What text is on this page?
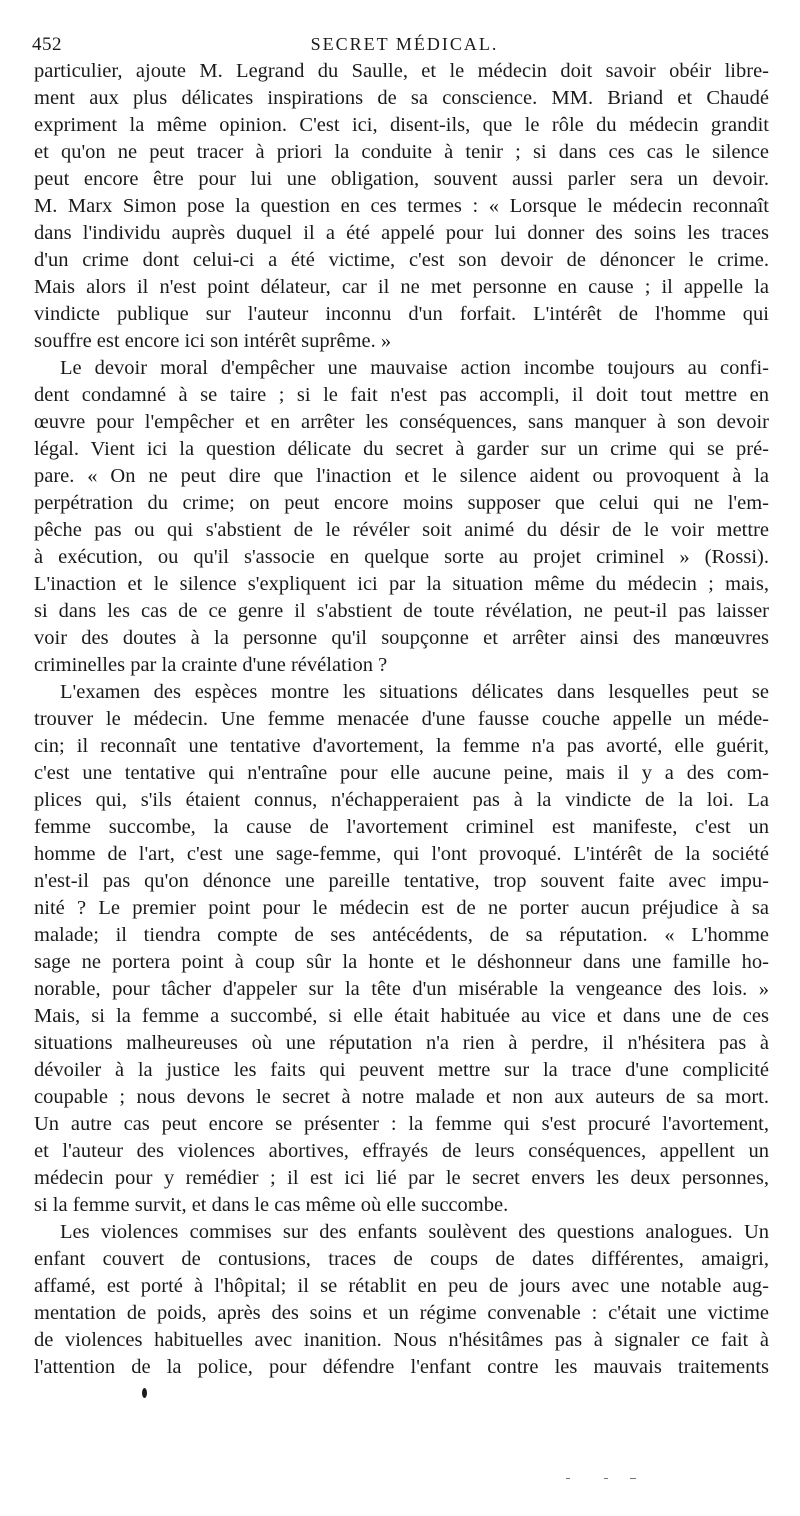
452	SECRET MÉDICAL.
particulier, ajoute M. Legrand du Saulle, et le médecin doit savoir obéir libre-
ment aux plus délicates inspirations de sa conscience. MM. Briand et Chaudé
expriment la même opinion. C'est ici, disent-ils, que le rôle du médecin grandit
et qu'on ne peut tracer à priori la conduite à tenir ; si dans ces cas le silence
peut encore être pour lui une obligation, souvent aussi parler sera un devoir.
M. Marx Simon pose la question en ces termes : « Lorsque le médecin reconnaît
dans l'individu auprès duquel il a été appelé pour lui donner des soins les traces
d'un crime dont celui-ci a été victime, c'est son devoir de dénoncer le crime.
Mais alors il n'est point délateur, car il ne met personne en cause ; il appelle la
vindicte publique sur l'auteur inconnu d'un forfait. L'intérêt de l'homme qui
souffre est encore ici son intérêt suprême. »
Le devoir moral d'empêcher une mauvaise action incombe toujours au confi-
dent condamné à se taire ; si le fait n'est pas accompli, il doit tout mettre en
œuvre pour l'empêcher et en arrêter les conséquences, sans manquer à son devoir
légal. Vient ici la question délicate du secret à garder sur un crime qui se pré-
pare. « On ne peut dire que l'inaction et le silence aident ou provoquent à la
perpétration du crime; on peut encore moins supposer que celui qui ne l'em-
pêche pas ou qui s'abstient de le révéler soit animé du désir de le voir mettre
à exécution, ou qu'il s'associe en quelque sorte au projet criminel » (Rossi).
L'inaction et le silence s'expliquent ici par la situation même du médecin ; mais,
si dans les cas de ce genre il s'abstient de toute révélation, ne peut-il pas laisser
voir des doutes à la personne qu'il soupçonne et arrêter ainsi des manœuvres
criminelles par la crainte d'une révélation ?
L'examen des espèces montre les situations délicates dans lesquelles peut se
trouver le médecin. Une femme menacée d'une fausse couche appelle un méde-
cin; il reconnaît une tentative d'avortement, la femme n'a pas avorté, elle guérit,
c'est une tentative qui n'entraîne pour elle aucune peine, mais il y a des com-
plices qui, s'ils étaient connus, n'échapperaient pas à la vindicte de la loi. La
femme succombe, la cause de l'avortement criminel est manifeste, c'est un
homme de l'art, c'est une sage-femme, qui l'ont provoqué. L'intérêt de la société
n'est-il pas qu'on dénonce une pareille tentative, trop souvent faite avec impu-
nité ? Le premier point pour le médecin est de ne porter aucun préjudice à sa
malade; il tiendra compte de ses antécédents, de sa réputation. « L'homme
sage ne portera point à coup sûr la honte et le déshonneur dans une famille ho-
norable, pour tâcher d'appeler sur la tête d'un misérable la vengeance des lois. »
Mais, si la femme a succombé, si elle était habituée au vice et dans une de ces
situations malheureuses où une réputation n'a rien à perdre, il n'hésitera pas à
dévoiler à la justice les faits qui peuvent mettre sur la trace d'une complicité
coupable ; nous devons le secret à notre malade et non aux auteurs de sa mort.
Un autre cas peut encore se présenter : la femme qui s'est procuré l'avortement,
et l'auteur des violences abortives, effrayés de leurs conséquences, appellent un
médecin pour y remédier ; il est ici lié par le secret envers les deux personnes,
si la femme survit, et dans le cas même où elle succombe.
Les violences commises sur des enfants soulèvent des questions analogues. Un
enfant couvert de contusions, traces de coups de dates différentes, amaigri,
affamé, est porté à l'hôpital; il se rétablit en peu de jours avec une notable aug-
mentation de poids, après des soins et un régime convenable : c'était une victime
de violences habituelles avec inanition. Nous n'hésitâmes pas à signaler ce fait à
l'attention de la police, pour défendre l'enfant contre les mauvais traitements
